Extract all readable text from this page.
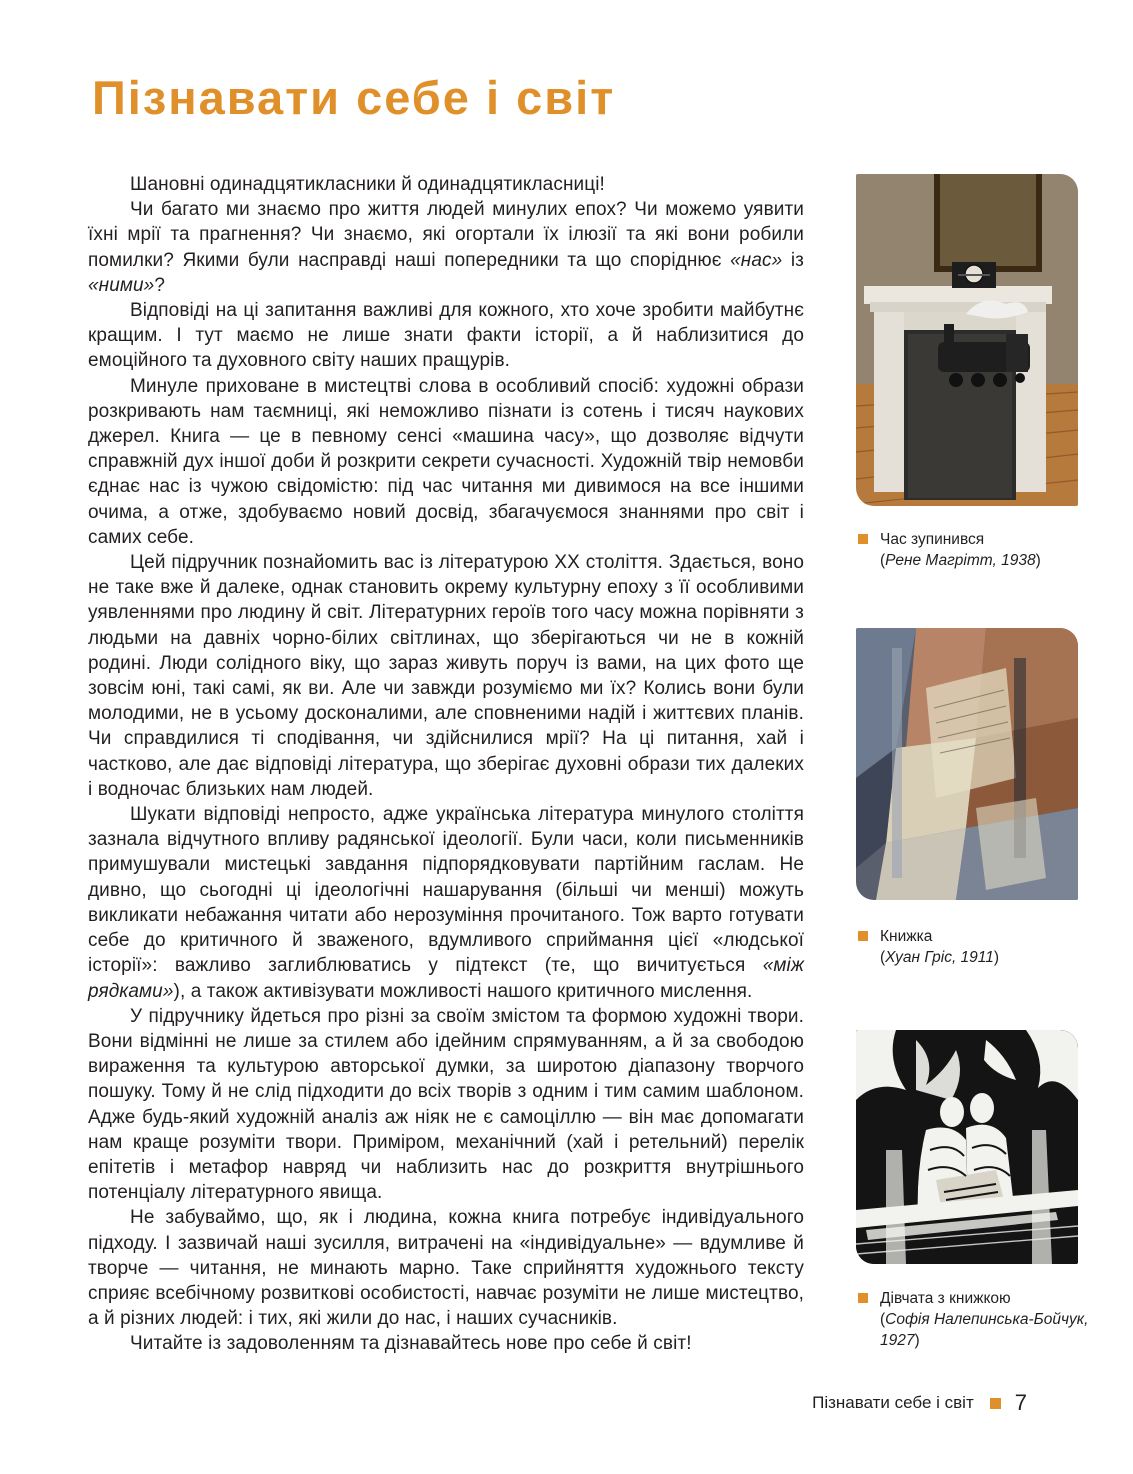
Пізнавати себе і світ

Шановні одинадцятикласники й одинадцятикласниці!

Чи багато ми знаємо про життя людей минулих епох? Чи можемо уявити їхні мрії та прагнення? Чи знаємо, які огортали їх ілюзії та які вони робили помилки? Якими були насправді наші попередники та що споріднює «нас» із «ними»?

Відповіді на ці запитання важливі для кожного, хто хоче зробити майбутнє кращим. І тут маємо не лише знати факти історії, а й наблизитися до емоційного та духовного світу наших пращурів.

Минуле приховане в мистецтві слова в особливий спосіб: художні образи розкривають нам таємниці, які неможливо пізнати із сотень і тисяч наукових джерел. Книга — це в певному сенсі «машина часу», що дозволяє відчути справжній дух іншої доби й розкрити секрети сучасності. Художній твір немовби єднає нас із чужою свідомістю: під час читання ми дивимося на все іншими очима, а отже, здобуваємо новий досвід, збагачуємося знаннями про світ і самих себе.

Цей підручник познайомить вас із літературою XX століття. Здається, воно не таке вже й далеке, однак становить окрему культурну епоху з її особливими уявленнями про людину й світ. Літературних героїв того часу можна порівняти з людьми на давніх чорно-білих світлинах, що зберігаються чи не в кожній родині. Люди солідного віку, що зараз живуть поруч із вами, на цих фото ще зовсім юні, такі самі, як ви. Але чи завжди розуміємо ми їх? Колись вони були молодими, не в усьому досконалими, але сповненими надій і життєвих планів. Чи справдилися ті сподівання, чи здійснилися мрії? На ці питання, хай і частково, але дає відповіді література, що зберігає духовні образи тих далеких і водночас близьких нам людей.

Шукати відповіді непросто, адже українська література минулого століття зазнала відчутного впливу радянської ідеології. Були часи, коли письменників примушували мистецькі завдання підпорядковувати партійним гаслам. Не дивно, що сьогодні ці ідеологічні нашарування (більші чи менші) можуть викликати небажання читати або нерозуміння прочитаного. Тож варто готувати себе до критичного й зваженого, вдумливого сприймання цієї «людської історії»: важливо заглиблюватись у підтекст (те, що вичитується «між рядками»), а також активізувати можливості нашого критичного мислення.

У підручнику йдеться про різні за своїм змістом та формою художні твори. Вони відмінні не лише за стилем або ідейним спрямуванням, а й за свободою вираження та культурою авторської думки, за широтою діапазону творчого пошуку. Тому й не слід підходити до всіх творів з одним і тим самим шаблоном. Адже будь-який художній аналіз аж ніяк не є самоціллю — він має допомагати нам краще розуміти твори. Приміром, механічний (хай і ретельний) перелік епітетів і метафор навряд чи наблизить нас до розкриття внутрішнього потенціалу літературного явища.

Не забуваймо, що, як і людина, кожна книга потребує індивідуального підходу. І зазвичай наші зусилля, витрачені на «індивідуальне» — вдумливе й творче — читання, не минають марно. Таке сприйняття художнього тексту сприяє всебічному розвиткові особистості, навчає розуміти не лише мистецтво, а й різних людей: і тих, які жили до нас, і наших сучасників.

Читайте із задоволенням та дізнавайтесь нове про себе й світ!

Час зупинився
(Рене Магрітт, 1938)
Книжка
(Хуан Гріс, 1911)
Дівчата з книжкою
(Софія Налепинська-Бойчук, 1927)
Пізнавати себе і світ 7
